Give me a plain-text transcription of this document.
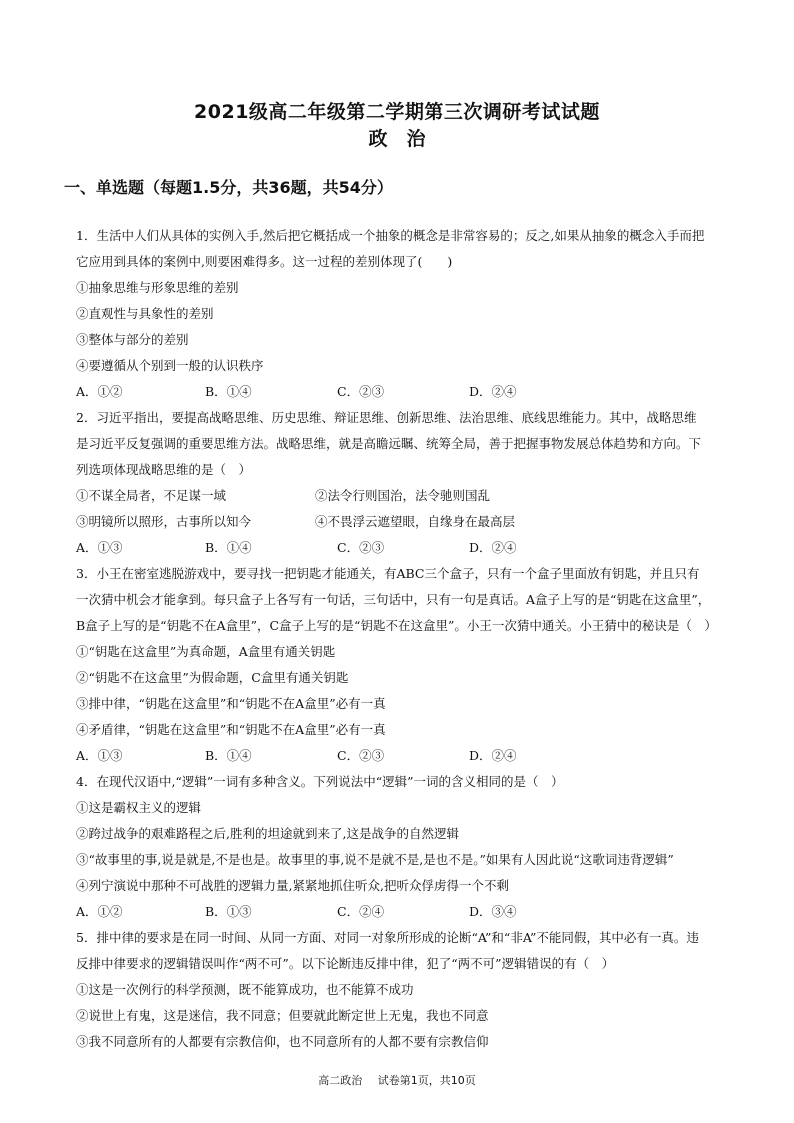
2021级高二年级第二学期第三次调研考试试题
政　治
一、单选题（每题1.5分，共36题，共54分）
1．生活中人们从具体的实例入手,然后把它概括成一个抽象的概念是非常容易的；反之,如果从抽象的概念入手而把
它应用到具体的案例中,则要困难得多。这一过程的差别体现了(　　)
①抽象思维与形象思维的差别
②直观性与具象性的差别
③整体与部分的差别
④要遵循从个别到一般的认识秩序
A．①②	B．①④	C．②③	D．②④
2．习近平指出，要提高战略思维、历史思维、辩证思维、创新思维、法治思维、底线思维能力。其中，战略思维
是习近平反复强调的重要思维方法。战略思维，就是高瞻远瞩、统筹全局，善于把握事物发展总体趋势和方向。下
列选项体现战略思维的是（　）
①不谋全局者，不足谋一域	②法令行则国治，法令驰则国乱
③明镜所以照形，古事所以知今	④不畏浮云遮望眼，自缘身在最高层
A．①③	B．①④	C．②③	D．②④
3．小王在密室逃脱游戏中，要寻找一把钥匙才能通关，有ABC三个盒子，只有一个盒子里面放有钥匙，并且只有
一次猜中机会才能拿到。每只盒子上各写有一句话，三句话中，只有一句是真话。A盒子上写的是“钥匙在这盒里”，
B盒子上写的是“钥匙不在A盒里”，C盒子上写的是“钥匙不在这盒里”。小王一次猜中通关。小王猜中的秘诀是（　）
①“钥匙在这盒里”为真命题，A盒里有通关钥匙
②“钥匙不在这盒里”为假命题，C盒里有通关钥匙
③排中律，“钥匙在这盒里”和“钥匙不在A盒里”必有一真
④矛盾律，“钥匙在这盒里”和“钥匙不在A盒里”必有一真
A．①③	B．①④	C．②③	D．②④
4．在现代汉语中,“逻辑”一词有多种含义。下列说法中“逻辑”一词的含义相同的是（　）
①这是霸权主义的逻辑
②跨过战争的艰难路程之后,胜利的坦途就到来了,这是战争的自然逻辑
③“故事里的事,说是就是,不是也是。故事里的事,说不是就不是,是也不是。”如果有人因此说“这歌词违背逻辑”
④列宁演说中那种不可战胜的逻辑力量,紧紧地抓住听众,把听众俘虏得一个不剩
A．①②	B．①③	C．②④	D．③④
5．排中律的要求是在同一时间、从同一方面、对同一对象所形成的论断“A”和“非A”不能同假，其中必有一真。违
反排中律要求的逻辑错误叫作“两不可”。以下论断违反排中律，犯了“两不可”逻辑错误的有（　）
①这是一次例行的科学预测，既不能算成功，也不能算不成功
②说世上有鬼，这是迷信，我不同意；但要就此断定世上无鬼，我也不同意
③我不同意所有的人都要有宗教信仰，也不同意所有的人都不要有宗教信仰
高二政治 试卷第1页，共10页
